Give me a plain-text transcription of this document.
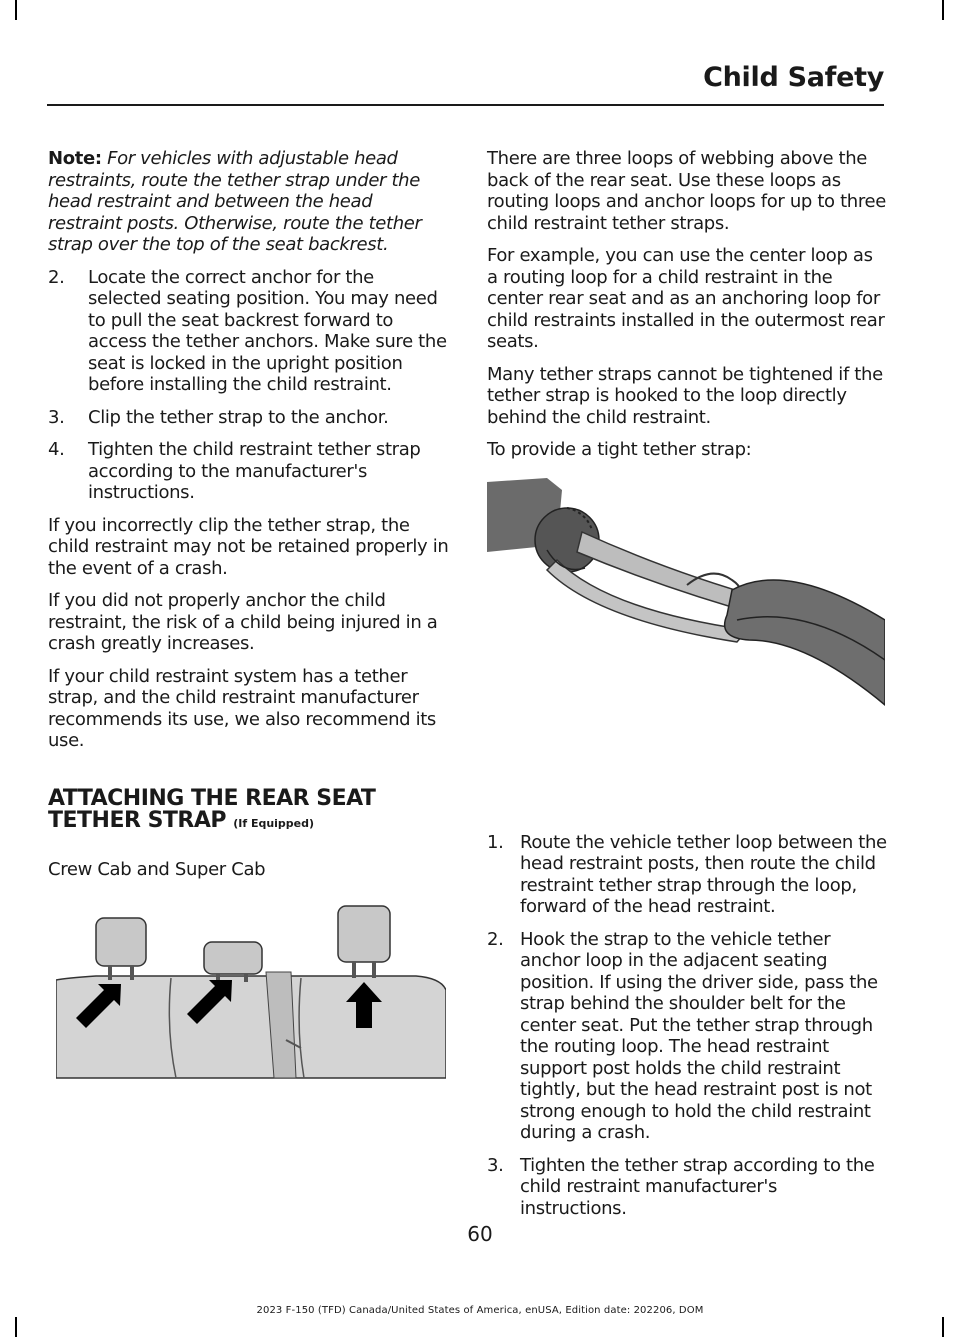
Child Safety

Note: For vehicles with adjustable head restraints, route the tether strap under the head restraint and between the head restraint posts. Otherwise, route the tether strap over the top of the seat backrest.

2.	Locate the correct anchor for the selected seating position. You may need to pull the seat backrest forward to access the tether anchors. Make sure the seat is locked in the upright position before installing the child restraint.
3.	Clip the tether strap to the anchor.
4.	Tighten the child restraint tether strap according to the manufacturer's instructions.

If you incorrectly clip the tether strap, the child restraint may not be retained properly in the event of a crash.

If you did not properly anchor the child restraint, the risk of a child being injured in a crash greatly increases.

If your child restraint system has a tether strap, and the child restraint manufacturer recommends its use, we also recommend its use.

ATTACHING THE REAR SEAT TETHER STRAP (If Equipped)

Crew Cab and Super Cab

There are three loops of webbing above the back of the rear seat. Use these loops as routing loops and anchor loops for up to three child restraint tether straps.

For example, you can use the center loop as a routing loop for a child restraint in the center rear seat and as an anchoring loop for child restraints installed in the outermost rear seats.

Many tether straps cannot be tightened if the tether strap is hooked to the loop directly behind the child restraint.

To provide a tight tether strap:

1. Route the vehicle tether loop between the head restraint posts, then route the child restraint tether strap through the loop, forward of the head restraint.
2. Hook the strap to the vehicle tether anchor loop in the adjacent seating position. If using the driver side, pass the strap behind the shoulder belt for the center seat. Put the tether strap through the routing loop. The head restraint support post holds the child restraint tightly, but the head restraint post is not strong enough to hold the child restraint during a crash.
3. Tighten the tether strap according to the child restraint manufacturer's instructions.
60
2023 F-150 (TFD) Canada/United States of America, enUSA, Edition date: 202206, DOM
